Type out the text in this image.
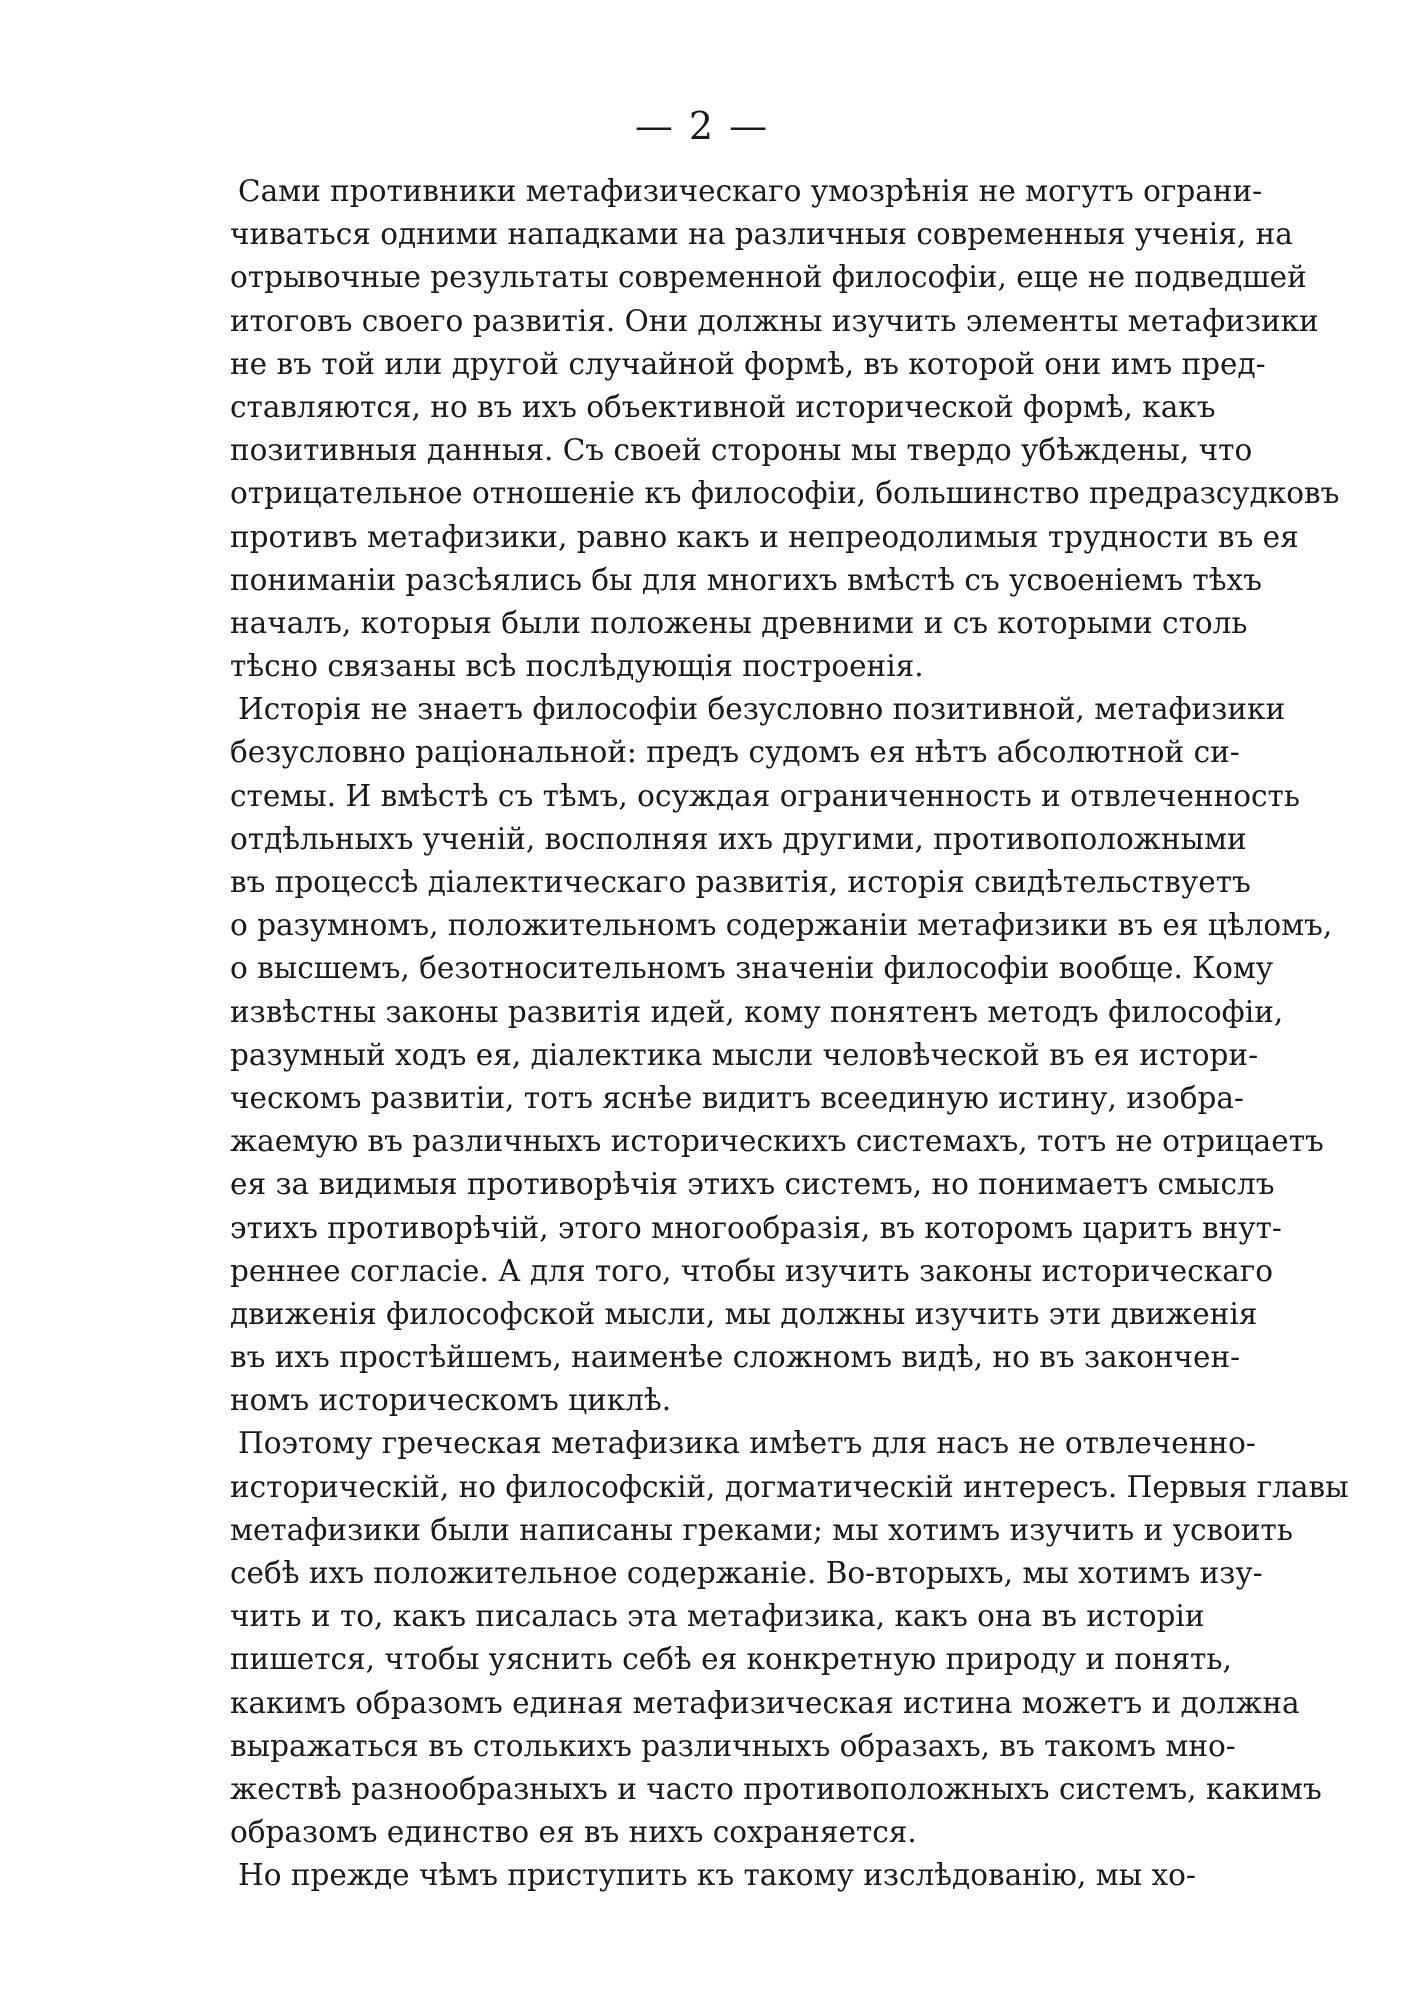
— 2 —
Сами противники метафизическаго умозрѣнія не могутъ ограни-
чиваться одними нападками на различныя современныя ученія, на
отрывочные результаты современной философіи, еще не подведшей
итоговъ своего развитія. Они должны изучить элементы метафизики
не въ той или другой случайной формѣ, въ которой они имъ пред-
ставляются, но въ ихъ объективной исторической формѣ, какъ
позитивныя данныя. Съ своей стороны мы твердо убѣждены, что
отрицательное отношеніе къ философіи, большинство предразсудковъ
противъ метафизики, равно какъ и непреодолимыя трудности въ ея
пониманіи разсѣялись бы для многихъ вмѣстѣ съ усвоеніемъ тѣхъ
началъ, которыя были положены древними и съ которыми столь
тѣсно связаны всѣ послѣдующія построенія.
Исторія не знаетъ философіи безусловно позитивной, метафизики
безусловно раціональной: предъ судомъ ея нѣтъ абсолютной си-
стемы. И вмѣстѣ съ тѣмъ, осуждая ограниченность и отвлеченность
отдѣльныхъ ученій, восполняя ихъ другими, противоположными
въ процессѣ діалектическаго развитія, исторія свидѣтельствуетъ
о разумномъ, положительномъ содержаніи метафизики въ ея цѣломъ,
о высшемъ, безотносительномъ значеніи философіи вообще. Кому
извѣстны законы развитія идей, кому понятенъ методъ философіи,
разумный ходъ ея, діалектика мысли человѣческой въ ея истори-
ческомъ развитіи, тотъ яснѣе видитъ всеединую истину, изобра-
жаемую въ различныхъ историческихъ системахъ, тотъ не отрицаетъ
ея за видимыя противорѣчія этихъ системъ, но понимаетъ смыслъ
этихъ противорѣчій, этого многообразія, въ которомъ царитъ внут-
реннее согласіе. А для того, чтобы изучить законы историческаго
движенія философской мысли, мы должны изучить эти движенія
въ ихъ простѣйшемъ, наименѣе сложномъ видѣ, но въ закончен-
номъ историческомъ циклѣ.
Поэтому греческая метафизика имѣетъ для насъ не отвлеченно-
историческій, но философскій, догматическій интересъ. Первыя главы
метафизики были написаны греками; мы хотимъ изучить и усвоить
себѣ ихъ положительное содержаніе. Во-вторыхъ, мы хотимъ изу-
чить и то, какъ писалась эта метафизика, какъ она въ исторіи
пишется, чтобы уяснить себѣ ея конкретную природу и понять,
какимъ образомъ единая метафизическая истина можетъ и должна
выражаться въ столькихъ различныхъ образахъ, въ такомъ мно-
жествѣ разнообразныхъ и часто противоположныхъ системъ, какимъ
образомъ единство ея въ нихъ сохраняется.
Но прежде чѣмъ приступить къ такому изслѣдованію, мы хо-
